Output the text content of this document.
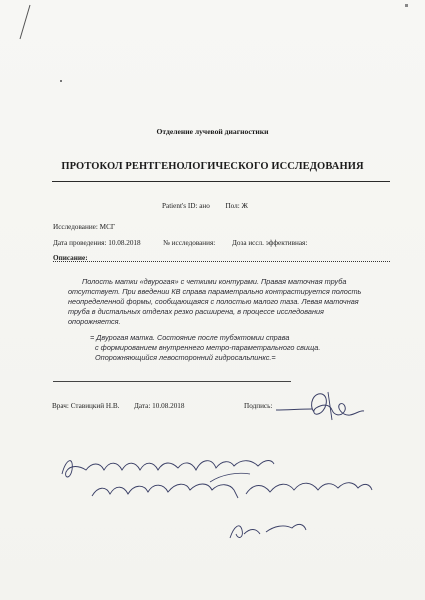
Отделение лучевой диагностики
ПРОТОКОЛ РЕНТГЕНОЛОГИЧЕСКОГО ИССЛЕДОВАНИЯ
Patient's ID: ано Пол: Ж
Исследование: МСГ
Дата проведения: 10.08.2018	№ исследования: Доза иссл. эффективная:
Описание:

Полость матки «двурогая» с четкими контурами. Правая маточная труба

отсутствует. При введении КВ справа параметрально контрастируется полость

неопределенной формы, сообщающаяся с полостью малого таза. Левая маточная

труба в дистальных отделах резко расширена, в процессе исследования

опорожняется.

= Двурогая матка. Состояние после тубэктомии справа

с формированием внутреннего метро-параметрального свища.

Опорожняющийся левосторонний гидросальпинкс.=

Врач: Ставицкий Н.В. Дата: 10.08.2018	Подпись:
